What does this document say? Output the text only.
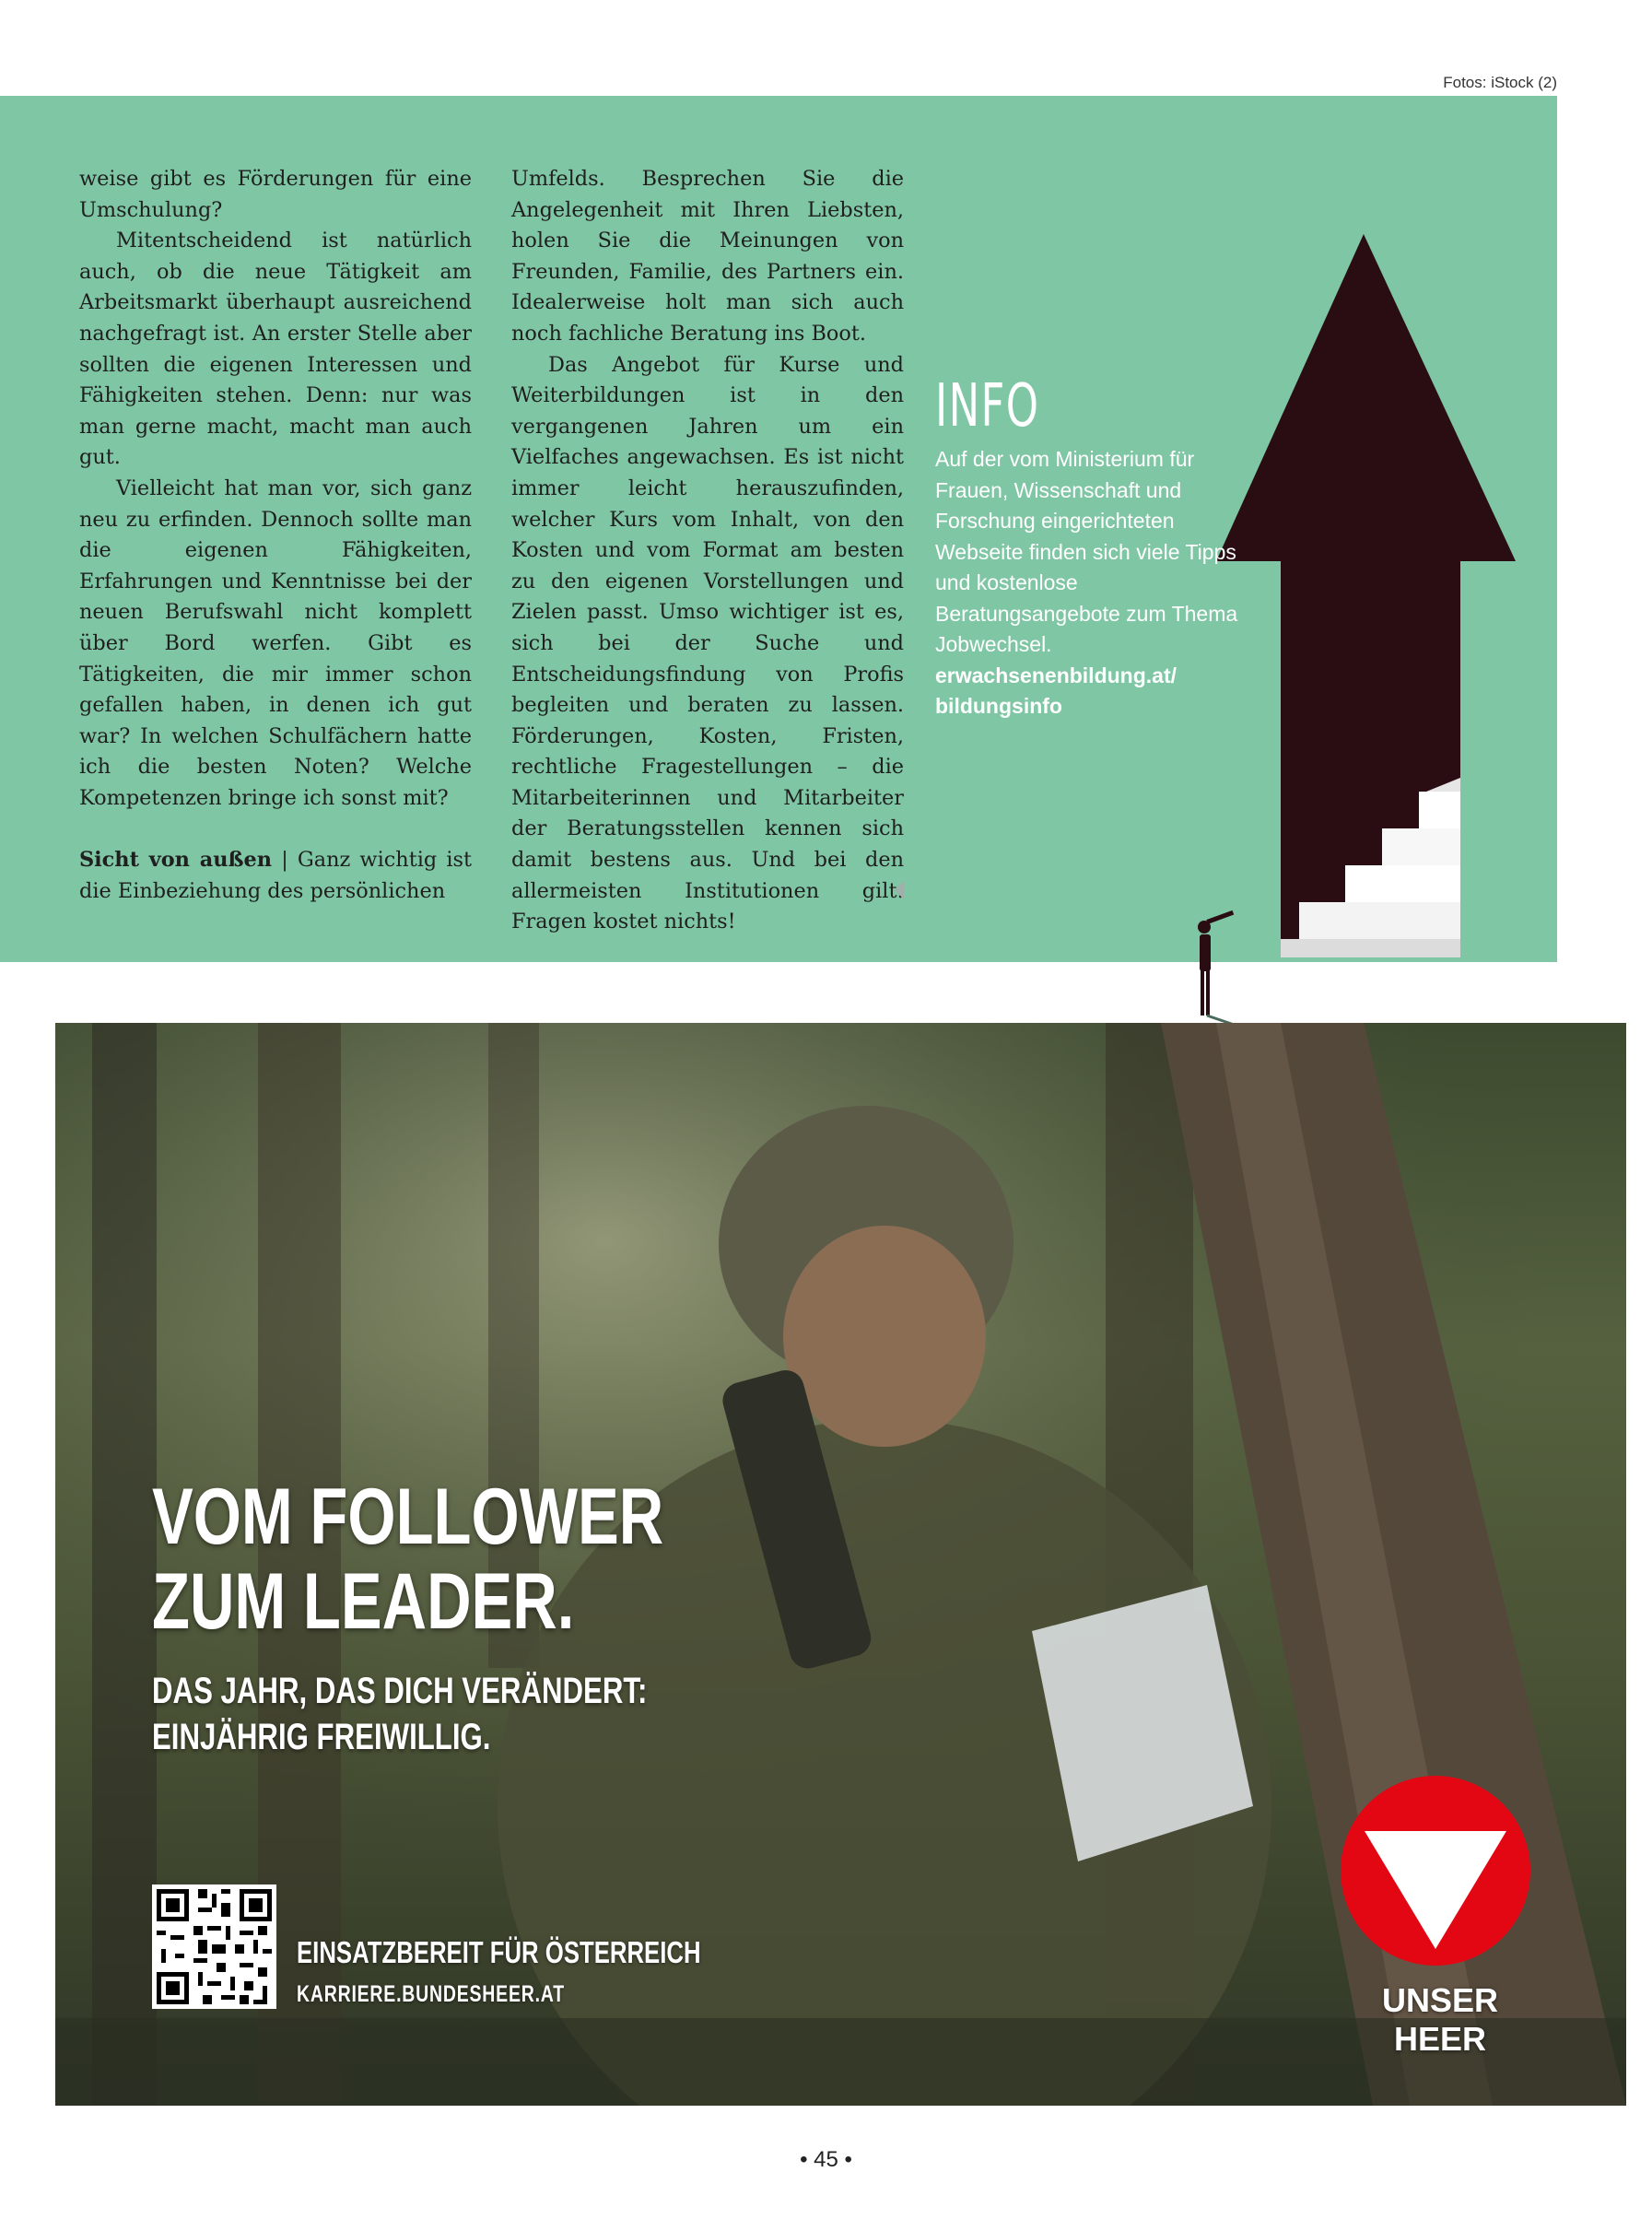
Fotos: iStock (2)

weise gibt es Förderungen für eine Umschulung?

Mitentscheidend ist natürlich auch, ob die neue Tätigkeit am Arbeitsmarkt überhaupt ausreichend nachgefragt ist. An erster Stelle aber sollten die eigenen Interessen und Fähigkeiten stehen. Denn: nur was man gerne macht, macht man auch gut.

Vielleicht hat man vor, sich ganz neu zu erfinden. Dennoch sollte man die eigenen Fähigkeiten, Erfahrungen und Kenntnisse bei der neuen Berufswahl nicht komplett über Bord werfen. Gibt es Tätigkeiten, die mir immer schon gefallen haben, in denen ich gut war? In welchen Schulfächern hatte ich die besten Noten? Welche Kompetenzen bringe ich sonst mit?

Sicht von außen | Ganz wichtig ist die Einbeziehung des persönlichen

Umfelds. Besprechen Sie die Angelegenheit mit Ihren Liebsten, holen Sie die Meinungen von Freunden, Familie, des Partners ein. Idealerweise holt man sich auch noch fachliche Beratung ins Boot.

Das Angebot für Kurse und Weiterbildungen ist in den vergangenen Jahren um ein Vielfaches angewachsen. Es ist nicht immer leicht herauszufinden, welcher Kurs vom Inhalt, von den Kosten und vom Format am besten zu den eigenen Vorstellungen und Zielen passt. Umso wichtiger ist es, sich bei der Suche und Entscheidungsfindung von Profis begleiten und beraten zu lassen. Förderungen, Kosten, Fristen, rechtliche Fragestellungen – die Mitarbeiterinnen und Mitarbeiter der Beratungsstellen kennen sich damit bestens aus. Und bei den allermeisten Institutionen gilt: Fragen kostet nichts!

INFO
Auf der vom Ministerium für Frauen, Wissenschaft und Forschung eingerichteten Webseite finden sich viele Tipps und kostenlose Beratungsangebote zum Thema Jobwechsel.
erwachsenenbildung.at/
bildungsinfo
VOM FOLLOWER
ZUM LEADER.
DAS JAHR, DAS DICH VERÄNDERT:
EINJÄHRIG FREIWILLIG.
EINSATZBEREIT FÜR ÖSTERREICH
KARRIERE.BUNDESHEER.AT	UNSER HEER
• 45 •
